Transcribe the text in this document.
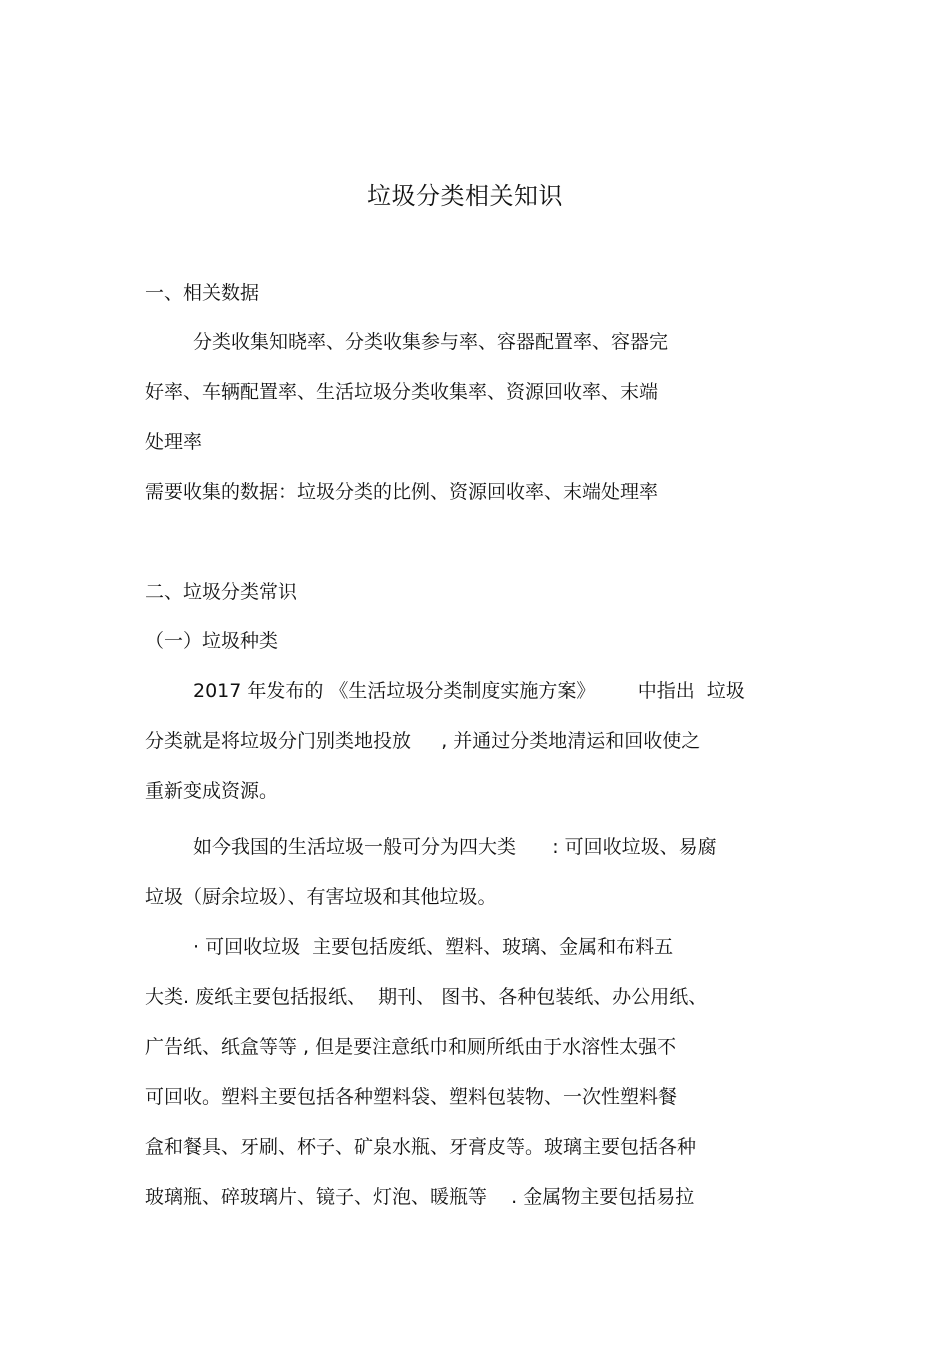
垃圾分类相关知识

一、相关数据

分类收集知晓率、分类收集参与率、容器配置率、容器完

好率、车辆配置率、生活垃圾分类收集率、资源回收率、末端

处理率

需要收集的数据：垃圾分类的比例、资源回收率、末端处理率

二、垃圾分类常识

（一）垃圾种类

2017 年发布的 《生活垃圾分类制度实施方案》       中指出  垃圾

分类就是将垃圾分门别类地投放     , 并通过分类地清运和回收使之

重新变成资源。

如今我国的生活垃圾一般可分为四大类      : 可回收垃圾、易腐

垃圾（厨余垃圾）、有害垃圾和其他垃圾。

· 可回收垃圾  主要包括废纸、塑料、玻璃、金属和布料五

大类. 废纸主要包括报纸、  期刊、 图书、各种包装纸、办公用纸、

广告纸、纸盒等等 , 但是要注意纸巾和厕所纸由于水溶性太强不

可回收。塑料主要包括各种塑料袋、塑料包装物、一次性塑料餐

盒和餐具、牙刷、杯子、矿泉水瓶、牙膏皮等。玻璃主要包括各种

玻璃瓶、碎玻璃片、镜子、灯泡、暖瓶等    . 金属物主要包括易拉
